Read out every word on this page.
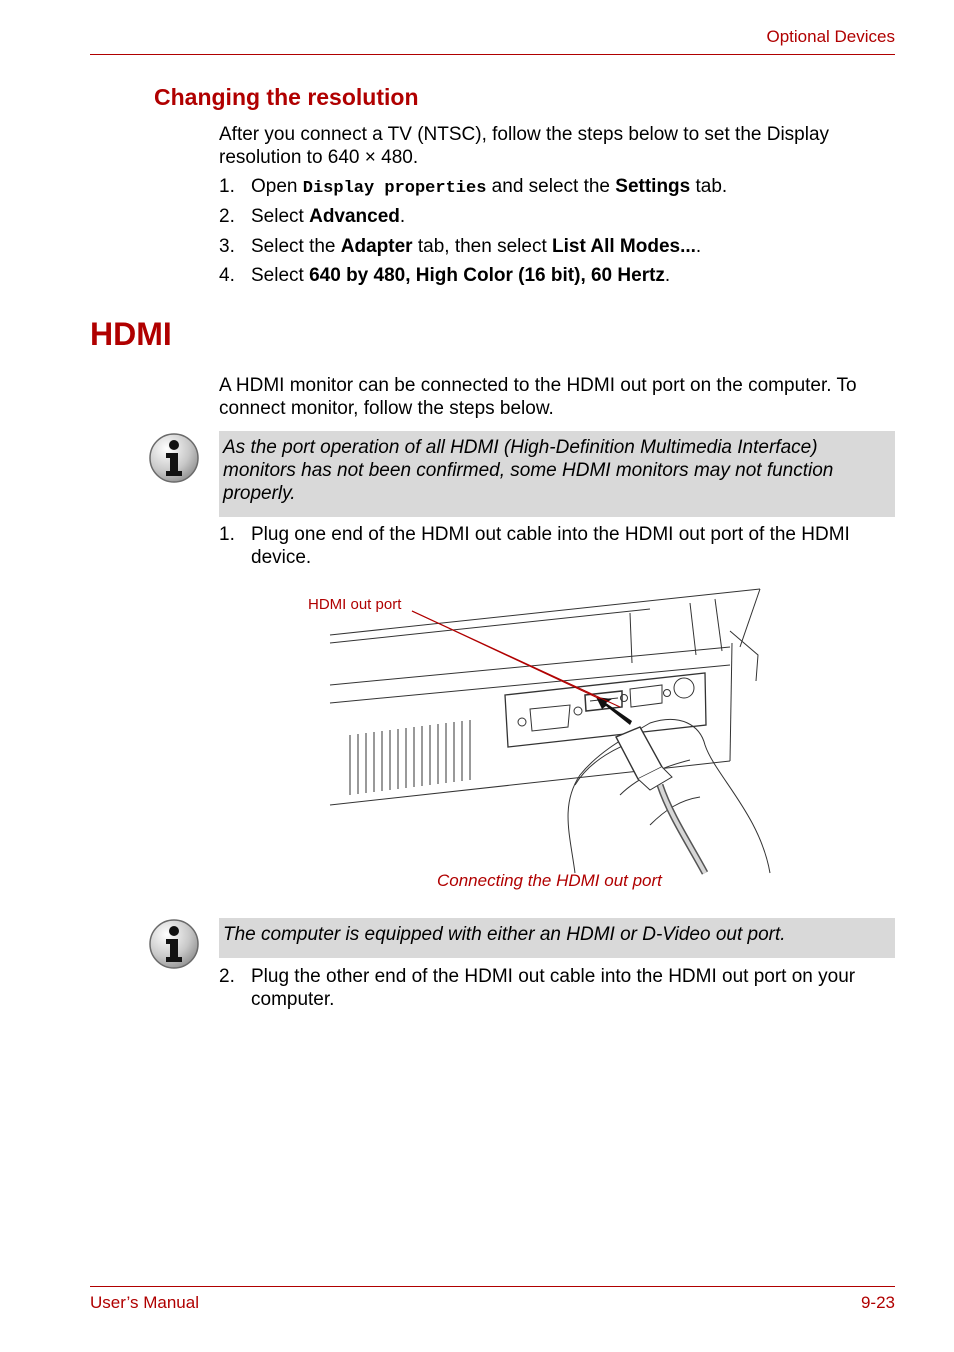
Optional Devices
Changing the resolution
After you connect a TV (NTSC), follow the steps below to set the Display resolution to 640 × 480.
1. Open Display properties and select the Settings tab.
2. Select Advanced.
3. Select the Adapter tab, then select List All Modes....
4. Select 640 by 480, High Color (16 bit), 60 Hertz.
HDMI
A HDMI monitor can be connected to the HDMI out port on the computer. To connect monitor, follow the steps below.
As the port operation of all HDMI (High-Definition Multimedia Interface) monitors has not been confirmed, some HDMI monitors may not function properly.
1. Plug one end of the HDMI out cable into the HDMI out port of the HDMI device.
HDMI out port
Connecting the HDMI out port
The computer is equipped with either an HDMI or D-Video out port.
2. Plug the other end of the HDMI out cable into the HDMI out port on your computer.
User’s Manual	9-23
